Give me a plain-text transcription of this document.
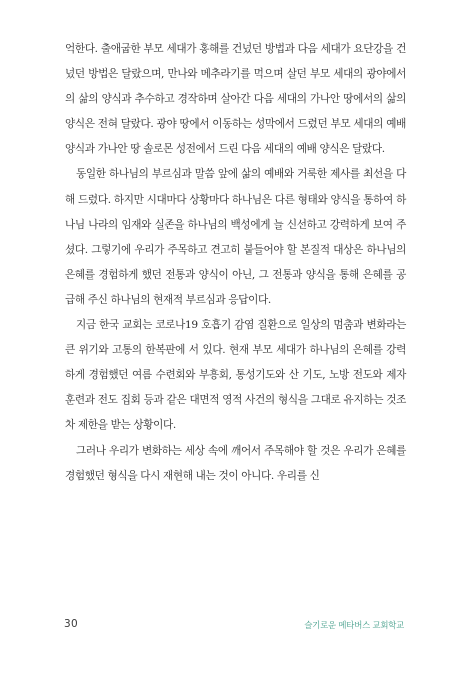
억한다. 출애굽한 부모 세대가 홍해를 건넜던 방법과 다음 세대가 요단강을 건넜던 방법은 달랐으며, 만나와 메추라기를 먹으며 살던 부모 세대의 광야에서의 삶의 양식과 추수하고 경작하며 살아간 다음 세대의 가나안 땅에서의 삶의 양식은 전혀 달랐다. 광야 땅에서 이동하는 성막에서 드렸던 부모 세대의 예배 양식과 가나안 땅 솔로몬 성전에서 드린 다음 세대의 예배 양식은 달랐다.

동일한 하나님의 부르심과 말씀 앞에 삶의 예배와 거룩한 제사를 최선을 다해 드렸다. 하지만 시대마다 상황마다 하나님은 다른 형태와 양식을 통하여 하나님 나라의 임재와 실존을 하나님의 백성에게 늘 신선하고 강력하게 보여 주셨다. 그렇기에 우리가 주목하고 견고히 붙들어야 할 본질적 대상은 하나님의 은혜를 경험하게 했던 전통과 양식이 아닌, 그 전통과 양식을 통해 은혜를 공급해 주신 하나님의 현재적 부르심과 응답이다.

지금 한국 교회는 코로나19 호흡기 감염 질환으로 일상의 멈춤과 변화라는 큰 위기와 고통의 한복판에 서 있다. 현재 부모 세대가 하나님의 은혜를 강력하게 경험했던 여름 수련회와 부흥회, 통성기도와 산 기도, 노방 전도와 제자 훈련과 전도 집회 등과 같은 대면적 영적 사건의 형식을 그대로 유지하는 것조차 제한을 받는 상황이다.

그러나 우리가 변화하는 세상 속에 깨어서 주목해야 할 것은 우리가 은혜를 경험했던 형식을 다시 재현해 내는 것이 아니다. 우리를 신

30	슬기로운 메타버스 교회학교
